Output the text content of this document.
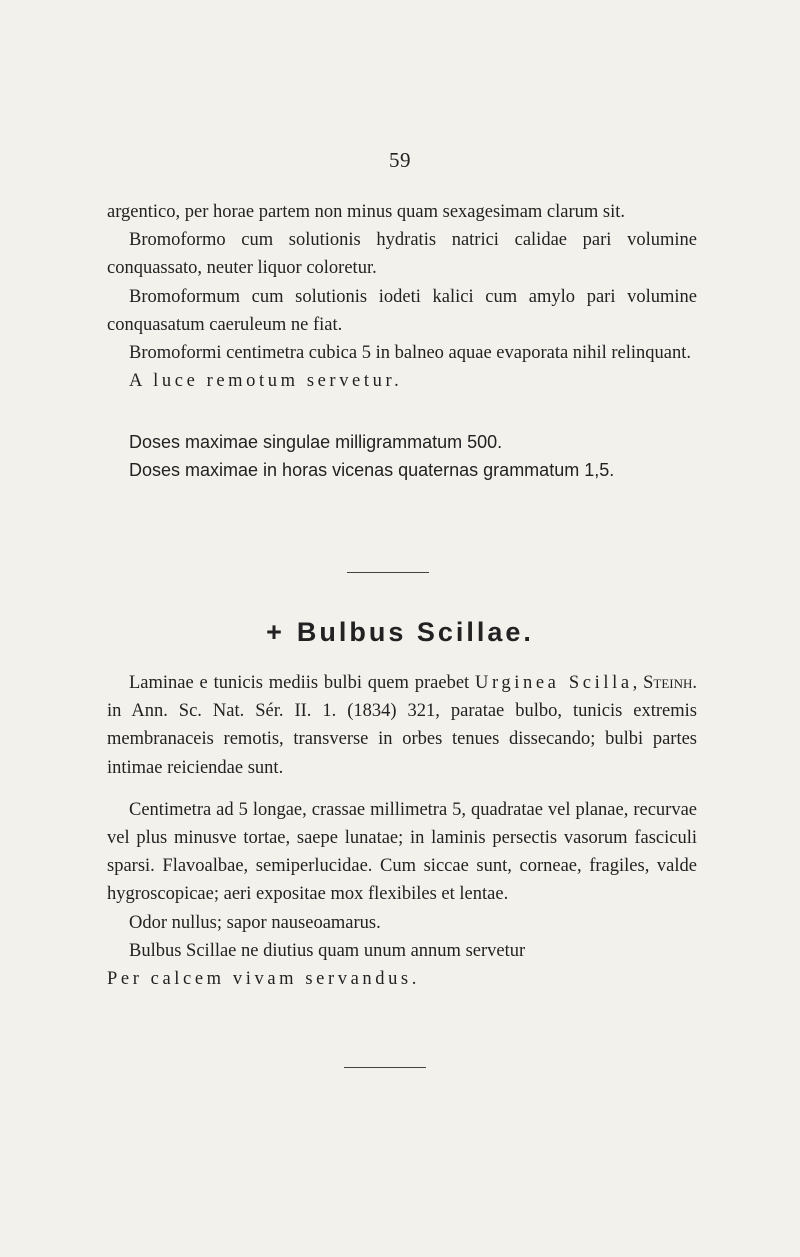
59

argentico, per horae partem non minus quam sexagesimam clarum sit.

Bromoformo cum solutionis hydratis natrici calidae pari volumine conquassato, neuter liquor coloretur.

Bromoformum cum solutionis iodeti kalici cum amylo pari volumine conquasatum caeruleum ne fiat.

Bromoformi centimetra cubica 5 in balneo aquae evaporata nihil relinquant.

A luce remotum servetur.

Doses maximae singulae milligrammatum 500.

Doses maximae in horas vicenas quaternas grammatum 1,5.

+ Bulbus Scillae.

Laminae e tunicis mediis bulbi quem praebet Urginea Scilla, Steinh. in Ann. Sc. Nat. Sér. II. 1. (1834) 321, paratae bulbo, tunicis extremis membranaceis remotis, transverse in orbes tenues dissecando; bulbi partes intimae reiciendae sunt.

Centimetra ad 5 longae, crassae millimetra 5, quadratae vel planae, recurvae vel plus minusve tortae, saepe lunatae; in laminis persectis vasorum fasciculi sparsi. Flavoalbae, semiperlucidae. Cum siccae sunt, corneae, fragiles, valde hygroscopicae; aeri expositae mox flexibiles et lentae.

Odor nullus; sapor nauseoamarus.

Bulbus Scillae ne diutius quam unum annum servetur

Per calcem vivam servandus.
